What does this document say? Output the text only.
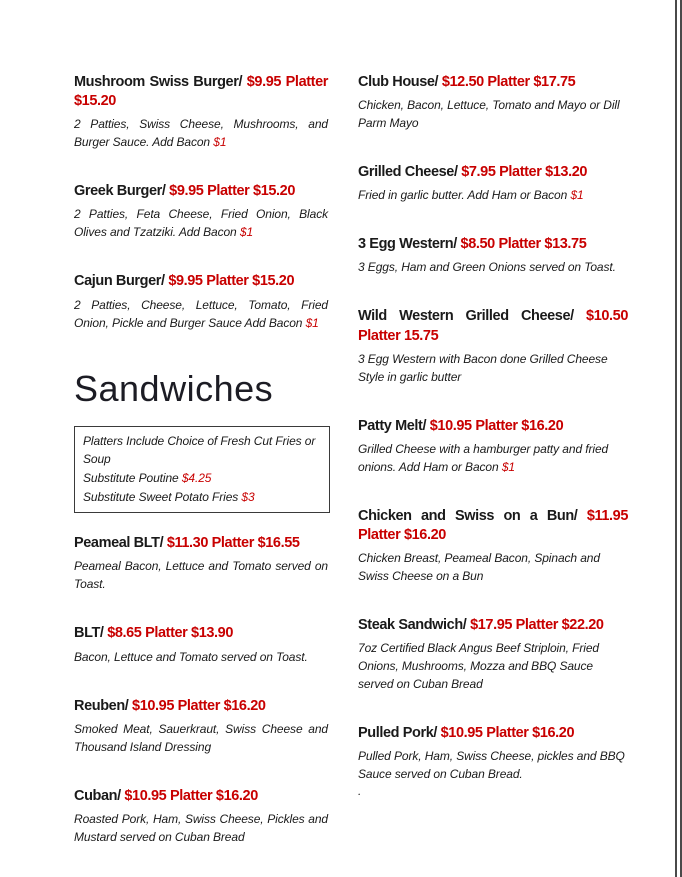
Mushroom Swiss Burger/ $9.95 Platter $15.20
2 Patties, Swiss Cheese, Mushrooms, and Burger Sauce. Add Bacon $1
Greek Burger/ $9.95 Platter $15.20
2 Patties, Feta Cheese, Fried Onion, Black Olives and Tzatziki. Add Bacon $1
Cajun Burger/ $9.95 Platter $15.20
2 Patties, Cheese, Lettuce, Tomato, Fried Onion, Pickle and Burger Sauce Add Bacon $1
Sandwiches
Platters Include Choice of Fresh Cut Fries or Soup
Substitute Poutine $4.25
Substitute Sweet Potato Fries $3
Peameal BLT/ $11.30 Platter $16.55
Peameal Bacon, Lettuce and Tomato served on Toast.
BLT/ $8.65 Platter $13.90
Bacon, Lettuce and Tomato served on Toast.
Reuben/ $10.95 Platter $16.20
Smoked Meat, Sauerkraut, Swiss Cheese and Thousand Island Dressing
Cuban/ $10.95 Platter $16.20
Roasted Pork, Ham, Swiss Cheese, Pickles and Mustard served on Cuban Bread
Club House/ $12.50 Platter $17.75
Chicken, Bacon, Lettuce, Tomato and Mayo or Dill Parm Mayo
Grilled Cheese/ $7.95 Platter $13.20
Fried in garlic butter. Add Ham or Bacon $1
3 Egg Western/ $8.50 Platter $13.75
3 Eggs, Ham and Green Onions served on Toast.
Wild Western Grilled Cheese/ $10.50 Platter 15.75
3 Egg Western with Bacon done Grilled Cheese Style in garlic butter
Patty Melt/ $10.95 Platter $16.20
Grilled Cheese with a hamburger patty and fried onions. Add Ham or Bacon $1
Chicken and Swiss on a Bun/ $11.95 Platter $16.20
Chicken Breast, Peameal Bacon, Spinach and Swiss Cheese on a Bun
Steak Sandwich/ $17.95 Platter $22.20
7oz Certified Black Angus Beef Striploin, Fried Onions, Mushrooms, Mozza and BBQ Sauce served on Cuban Bread
Pulled Pork/ $10.95 Platter $16.20
Pulled Pork, Ham, Swiss Cheese, pickles and BBQ Sauce served on Cuban Bread.
.
